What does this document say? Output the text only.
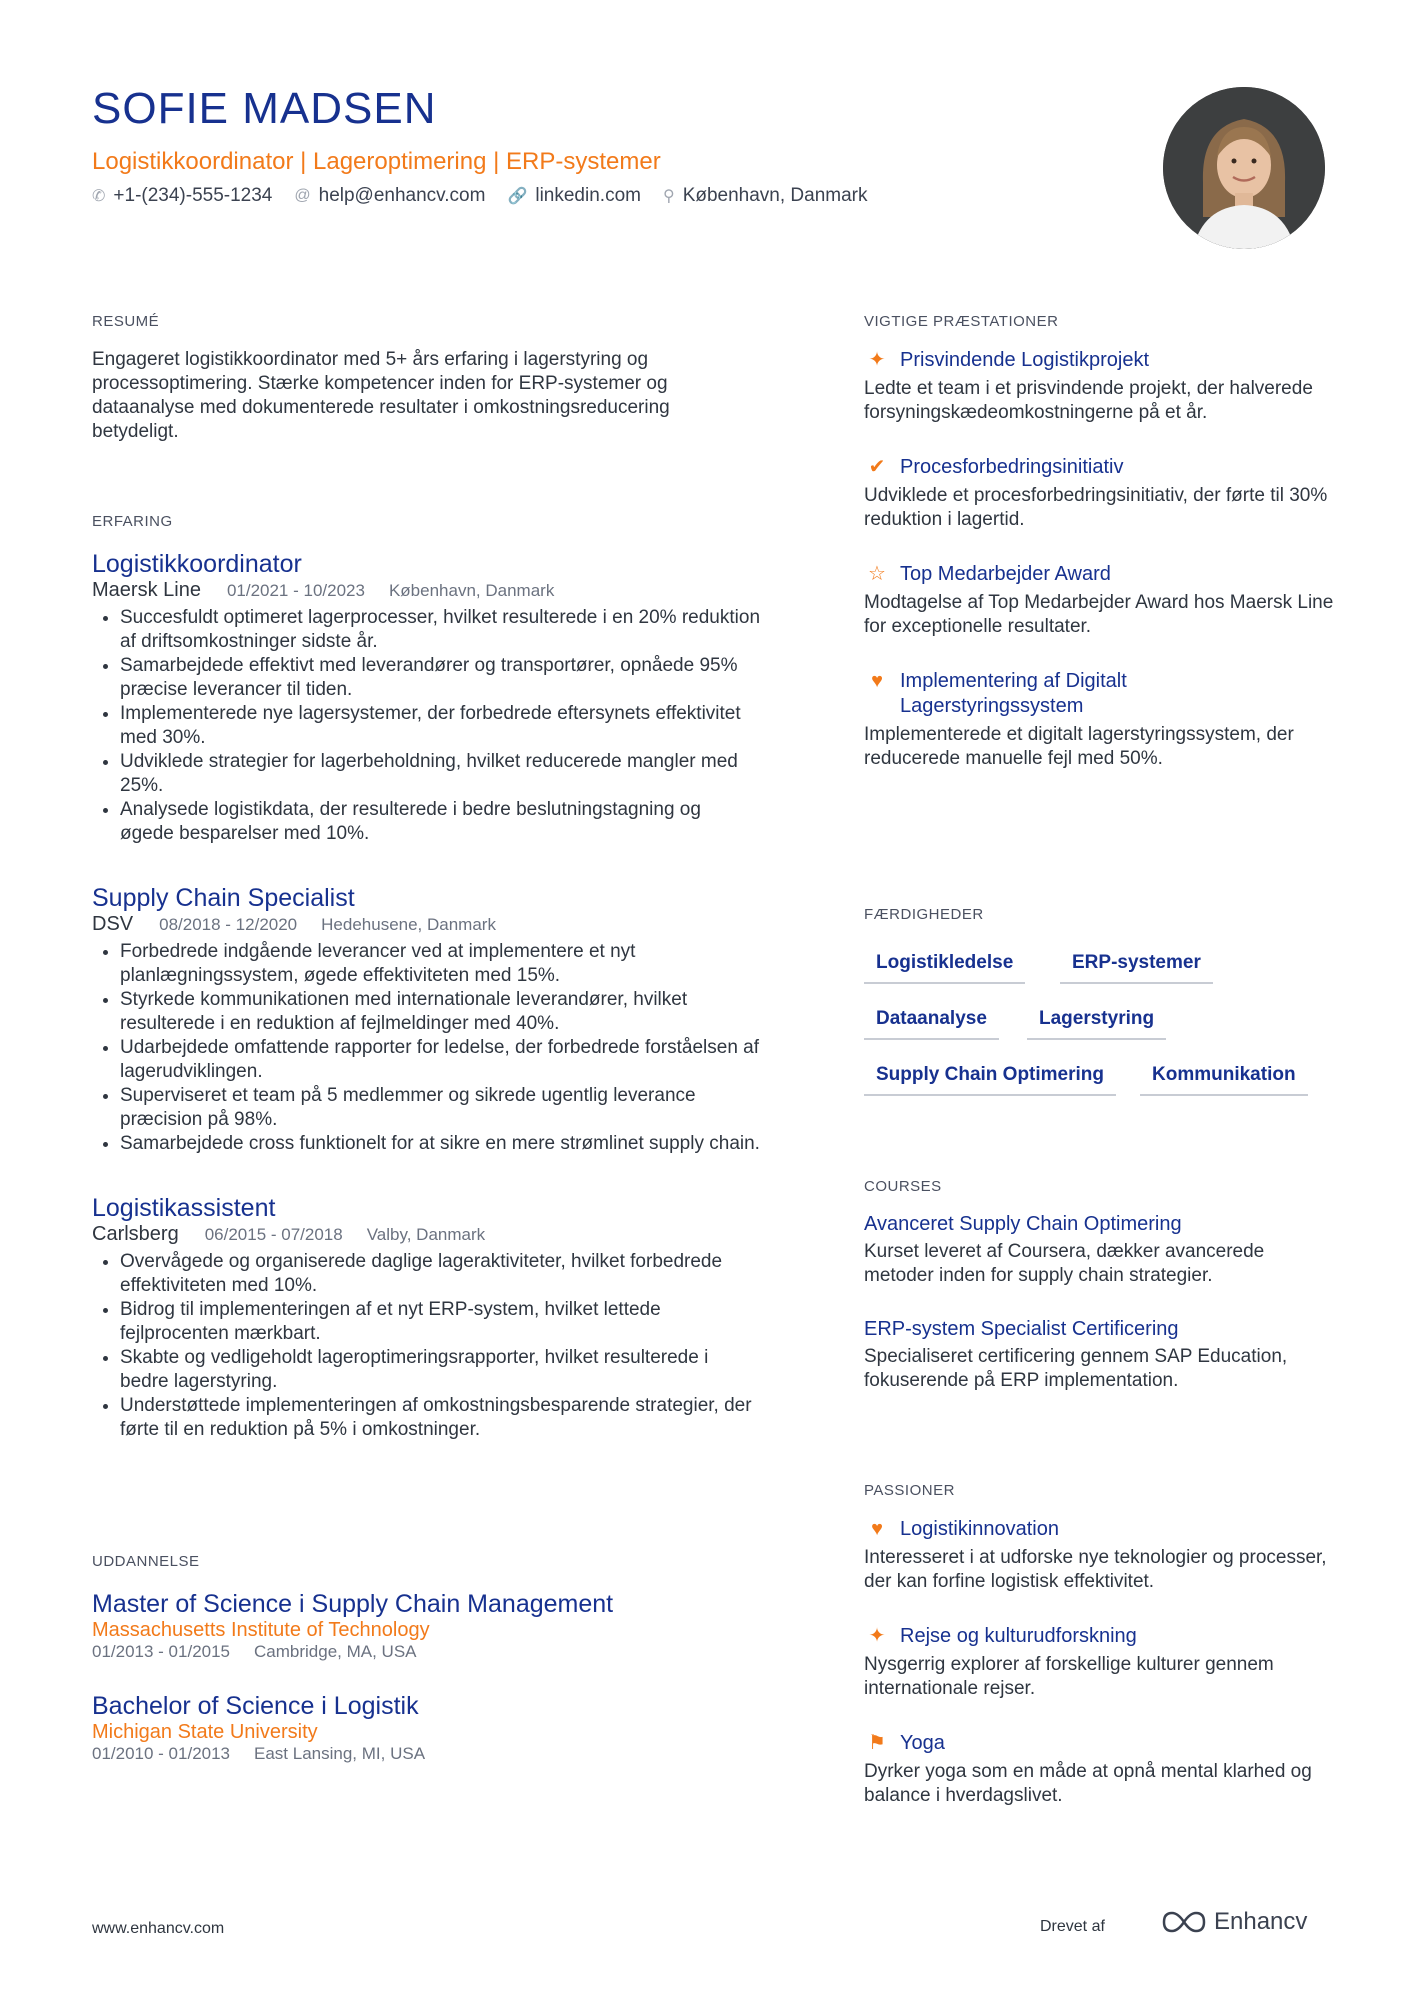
SOFIE MADSEN
Logistikkoordinator | Lageroptimering | ERP-systemer
✆ +1-(234)-555-1234 @ help@enhancv.com 🔗 linkedin.com ⚲ København, Danmark
RESUMÉ
Engageret logistikkoordinator med 5+ års erfaring i lagerstyring og processoptimering. Stærke kompetencer inden for ERP-systemer og dataanalyse med dokumenterede resultater i omkostningsreducering betydeligt.
ERFARING
Logistikkoordinator
Maersk Line 01/2021 - 10/2023 København, Danmark
• Succesfuldt optimeret lagerprocesser, hvilket resulterede i en 20% reduktion af driftsomkostninger sidste år.
• Samarbejdede effektivt med leverandører og transportører, opnåede 95% præcise leverancer til tiden.
• Implementerede nye lagersystemer, der forbedrede eftersynets effektivitet med 30%.
• Udviklede strategier for lagerbeholdning, hvilket reducerede mangler med 25%.
• Analysede logistikdata, der resulterede i bedre beslutningstagning og øgede besparelser med 10%.
Supply Chain Specialist
DSV 08/2018 - 12/2020 Hedehusene, Danmark
• Forbedrede indgående leverancer ved at implementere et nyt planlægningssystem, øgede effektiviteten med 15%.
• Styrkede kommunikationen med internationale leverandører, hvilket resulterede i en reduktion af fejlmeldinger med 40%.
• Udarbejdede omfattende rapporter for ledelse, der forbedrede forståelsen af lagerudviklingen.
• Superviseret et team på 5 medlemmer og sikrede ugentlig leverance præcision på 98%.
• Samarbejdede cross funktionelt for at sikre en mere strømlinet supply chain.
Logistikassistent
Carlsberg 06/2015 - 07/2018 Valby, Danmark
• Overvågede og organiserede daglige lageraktiviteter, hvilket forbedrede effektiviteten med 10%.
• Bidrog til implementeringen af et nyt ERP-system, hvilket lettede fejlprocenten mærkbart.
• Skabte og vedligeholdt lageroptimeringsrapporter, hvilket resulterede i bedre lagerstyring.
• Understøttede implementeringen af omkostningsbesparende strategier, der førte til en reduktion på 5% i omkostninger.
UDDANNELSE
Master of Science i Supply Chain Management
Massachusetts Institute of Technology
01/2013 - 01/2015 Cambridge, MA, USA
Bachelor of Science i Logistik
Michigan State University
01/2010 - 01/2013 East Lansing, MI, USA
VIGTIGE PRÆSTATIONER
✦ Prisvindende Logistikprojekt
Ledte et team i et prisvindende projekt, der halverede forsyningskædeomkostningerne på et år.
✔ Procesforbedringsinitiativ
Udviklede et procesforbedringsinitiativ, der førte til 30% reduktion i lagertid.
☆ Top Medarbejder Award
Modtagelse af Top Medarbejder Award hos Maersk Line for exceptionelle resultater.
♥ Implementering af Digitalt Lagerstyringssystem
Implementerede et digitalt lagerstyringssystem, der reducerede manuelle fejl med 50%.
FÆRDIGHEDER
Logistikledelse	ERP-systemer
Dataanalyse	Lagerstyring
Supply Chain Optimering	Kommunikation
COURSES
Avanceret Supply Chain Optimering
Kurset leveret af Coursera, dækker avancerede metoder inden for supply chain strategier.
ERP-system Specialist Certificering
Specialiseret certificering gennem SAP Education, fokuserende på ERP implementation.
PASSIONER
♥ Logistikinnovation
Interesseret i at udforske nye teknologier og processer, der kan forfine logistisk effektivitet.
✦ Rejse og kulturudforskning
Nysgerrig explorer af forskellige kulturer gennem internationale rejser.
⚑ Yoga
Dyrker yoga som en måde at opnå mental klarhed og balance i hverdagslivet.
www.enhancv.com	Drevet af	Enhancv
